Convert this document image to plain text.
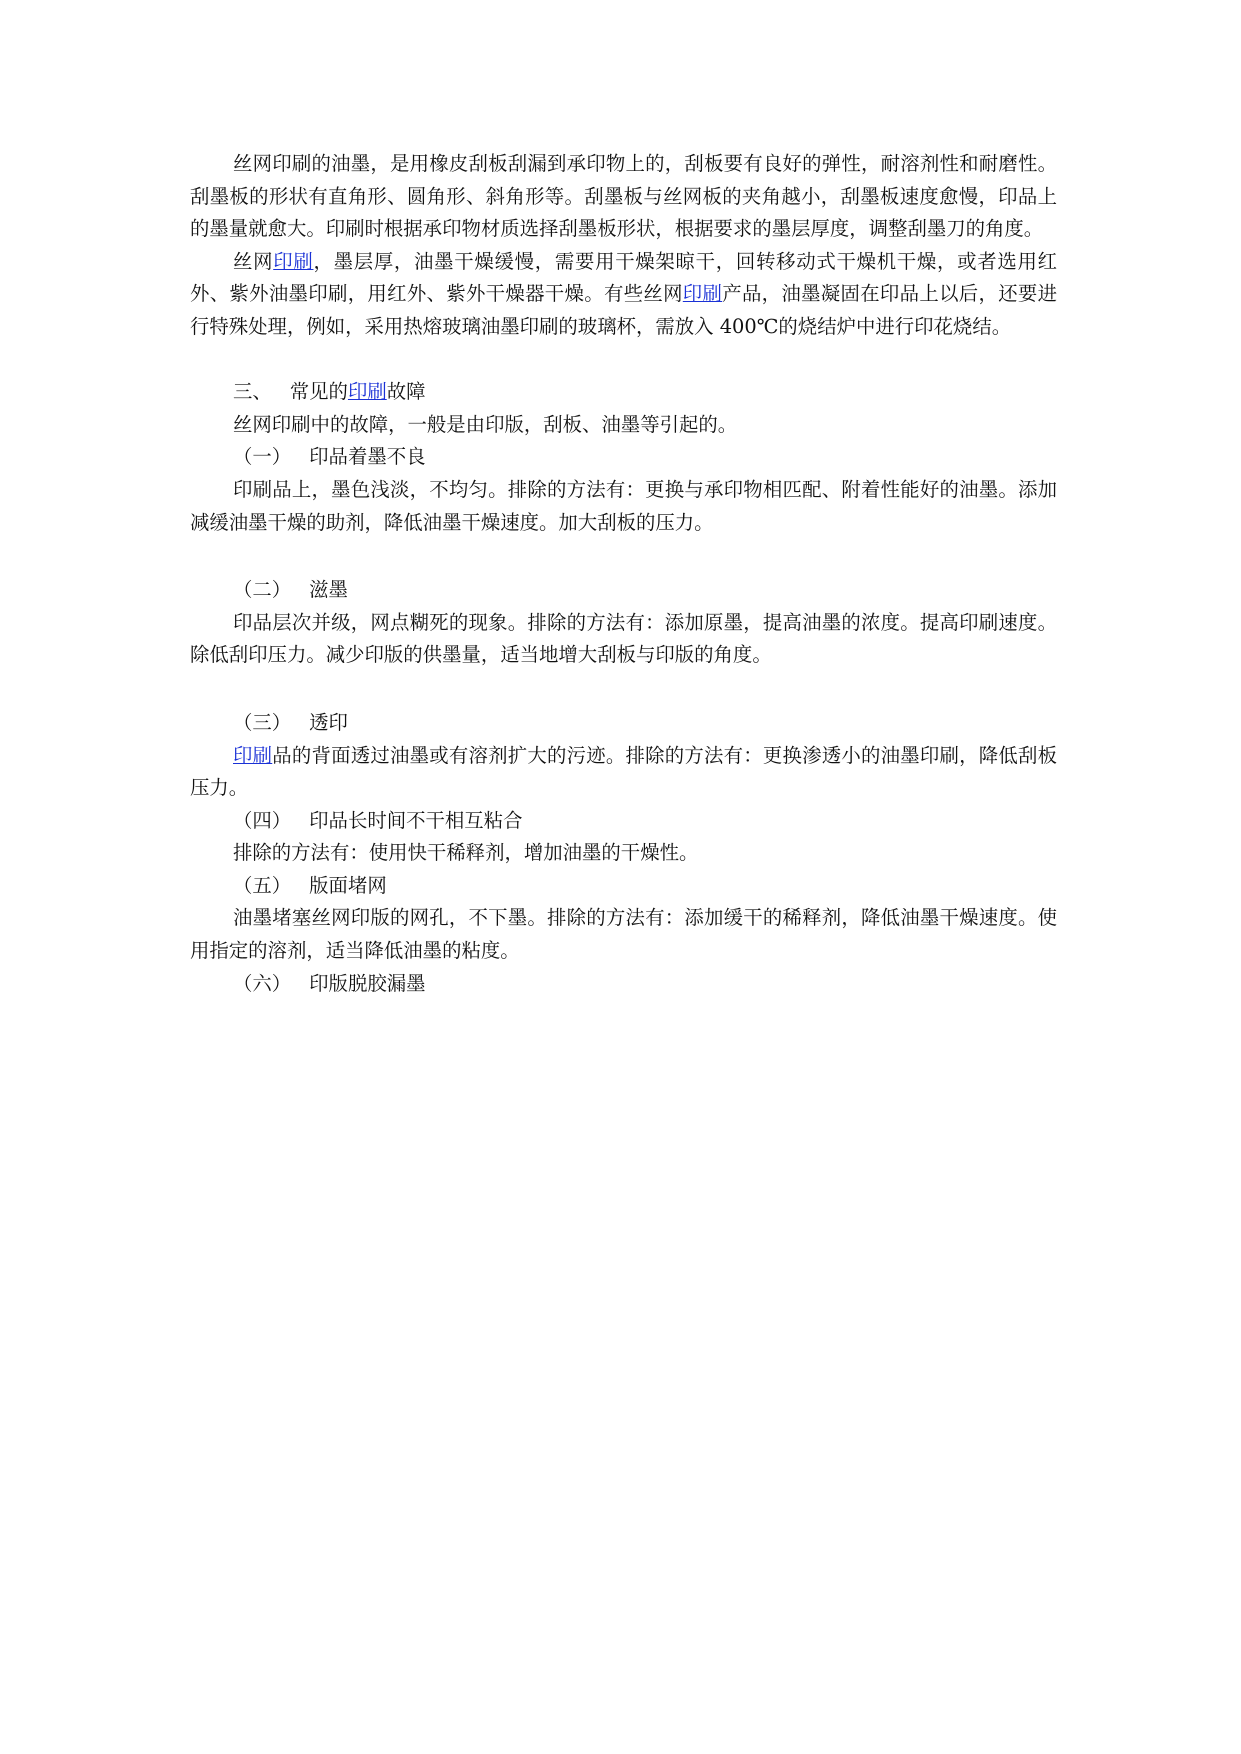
丝网印刷的油墨，是用橡皮刮板刮漏到承印物上的，刮板要有良好的弹性，耐溶剂性和耐磨性。刮墨板的形状有直角形、圆角形、斜角形等。刮墨板与丝网板的夹角越小，刮墨板速度愈慢，印品上的墨量就愈大。印刷时根据承印物材质选择刮墨板形状，根据要求的墨层厚度，调整刮墨刀的角度。

丝网印刷，墨层厚，油墨干燥缓慢，需要用干燥架晾干，回转移动式干燥机干燥，或者选用红外、紫外油墨印刷，用红外、紫外干燥器干燥。有些丝网印刷产品，油墨凝固在印品上以后，还要进行特殊处理，例如，采用热熔玻璃油墨印刷的玻璃杯，需放入 400℃的烧结炉中进行印花烧结。

三、 常见的印刷故障

丝网印刷中的故障，一般是由印版，刮板、油墨等引起的。

（一） 印品着墨不良

印刷品上，墨色浅淡，不均匀。排除的方法有：更换与承印物相匹配、附着性能好的油墨。添加减缓油墨干燥的助剂，降低油墨干燥速度。加大刮板的压力。

（二） 滋墨

印品层次并级，网点糊死的现象。排除的方法有：添加原墨，提高油墨的浓度。提高印刷速度。除低刮印压力。减少印版的供墨量，适当地增大刮板与印版的角度。

（三） 透印

印刷品的背面透过油墨或有溶剂扩大的污迹。排除的方法有：更换渗透小的油墨印刷，降低刮板压力。

（四） 印品长时间不干相互粘合

排除的方法有：使用快干稀释剂，增加油墨的干燥性。

（五） 版面堵网

油墨堵塞丝网印版的网孔，不下墨。排除的方法有：添加缓干的稀释剂，降低油墨干燥速度。使用指定的溶剂，适当降低油墨的粘度。

（六） 印版脱胶漏墨
